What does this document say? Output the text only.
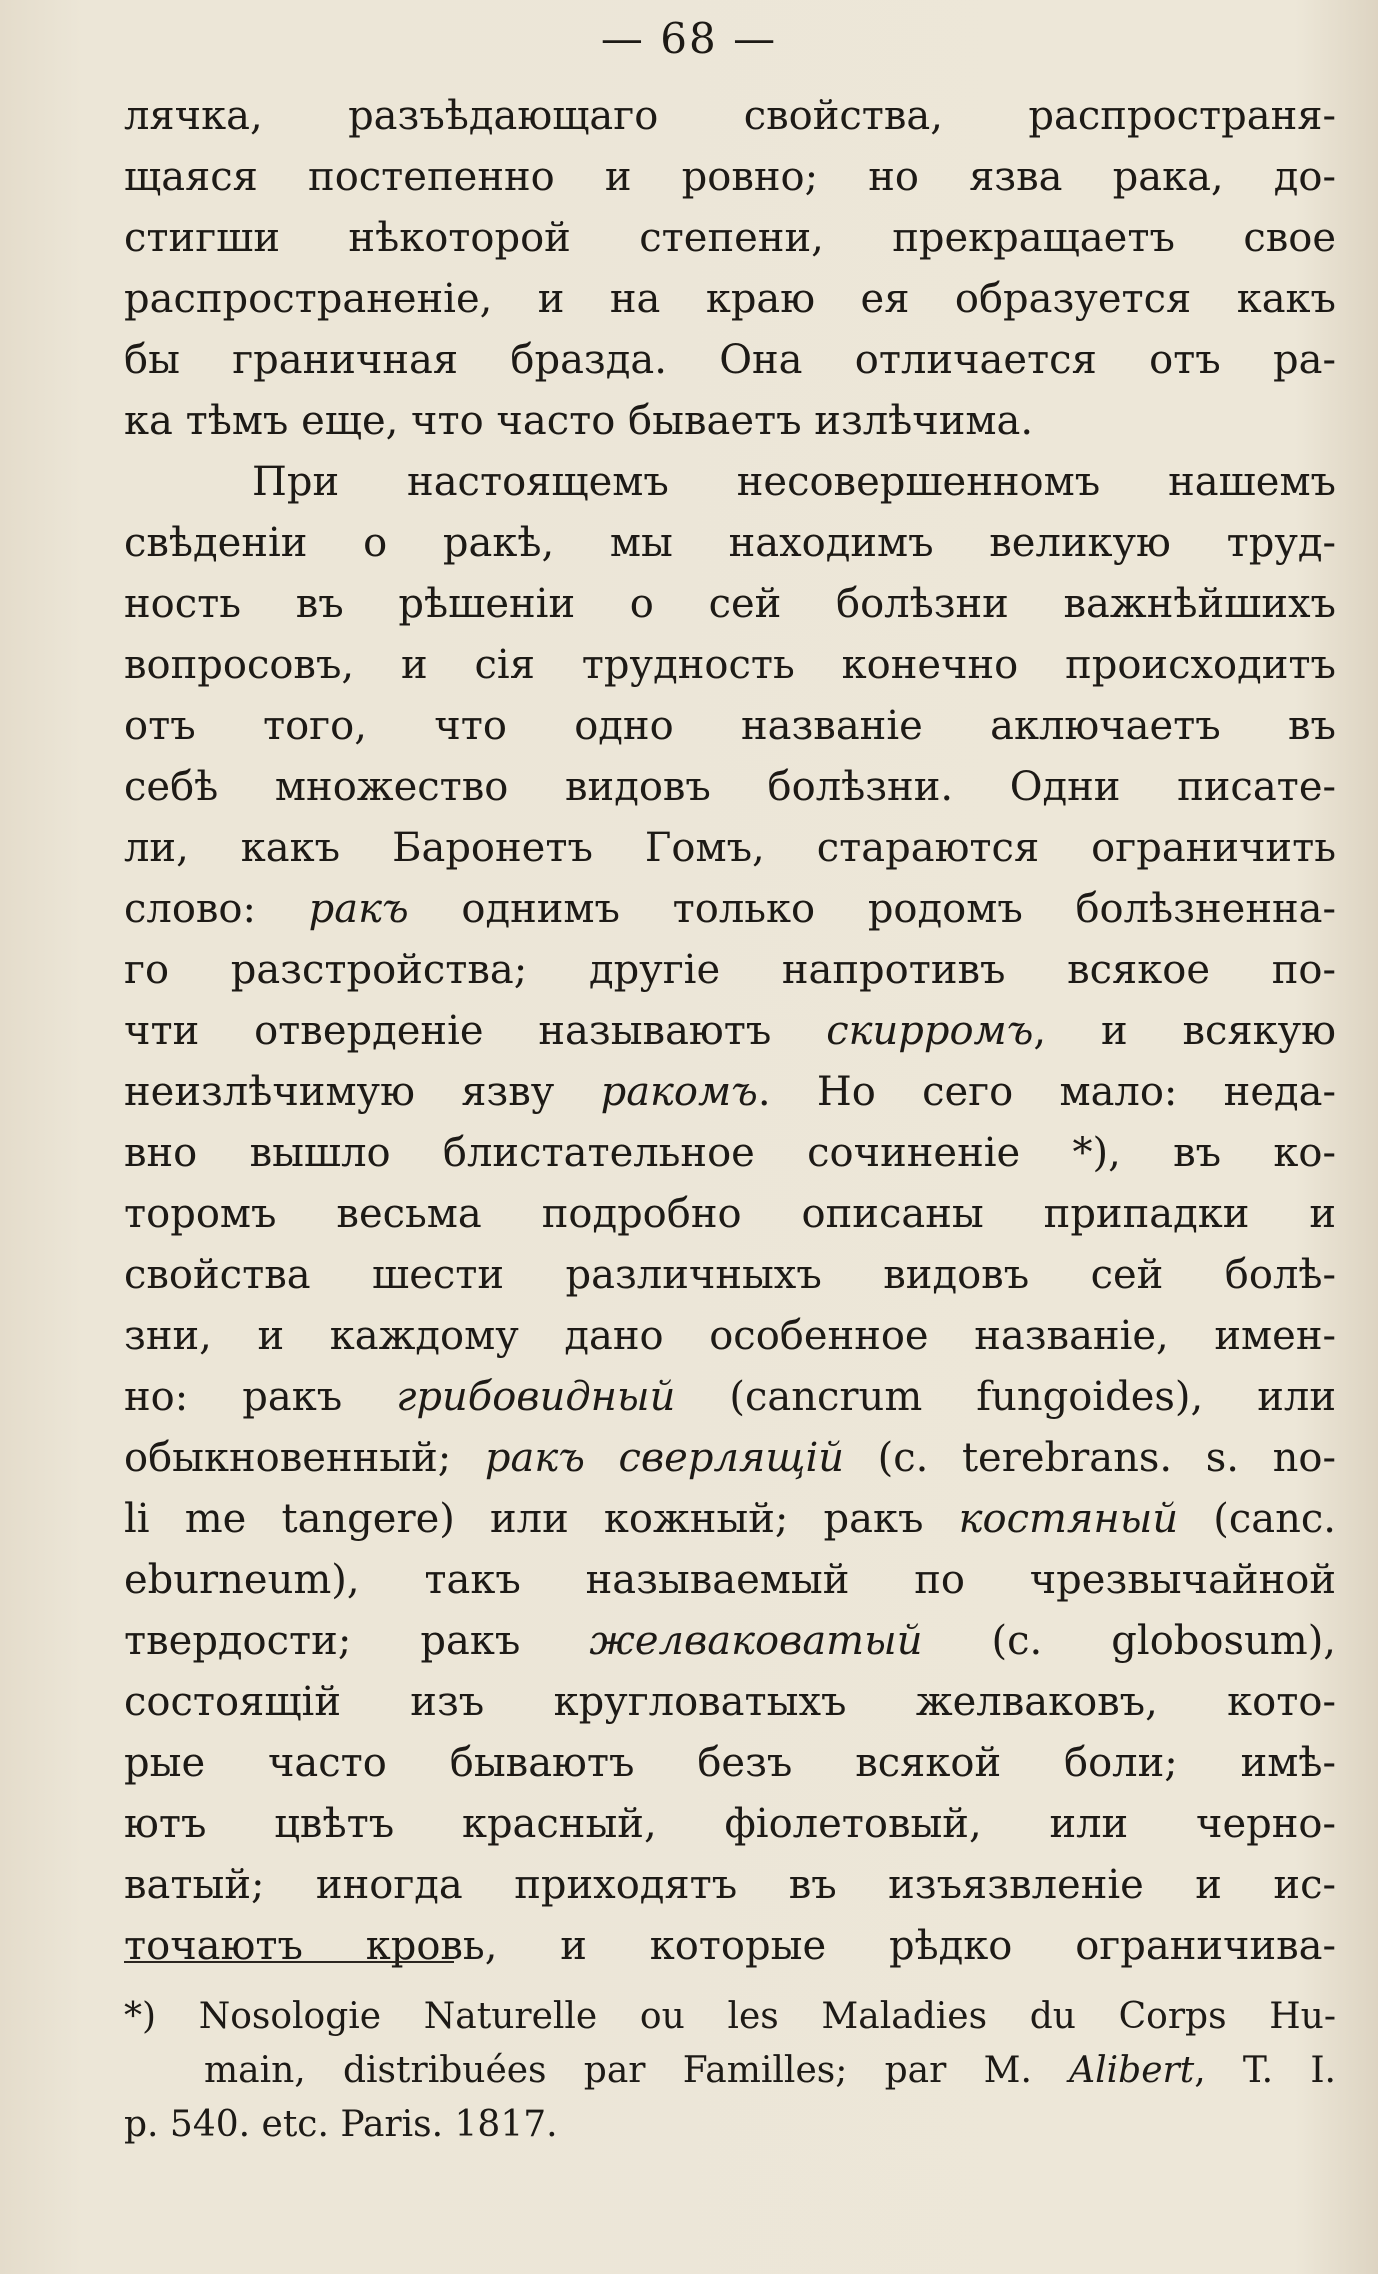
— 68 —
лячка, разъѣдающаго свойства, распространя-
щаяся постепенно и ровно; но язва рака, до-
стигши нѣкоторой степени, прекращаетъ свое
распространеніе, и на краю ея образуется какъ
бы граничная бразда. Она отличается отъ ра-
ка тѣмъ еще, что часто бываетъ излѣчима.
При настоящемъ несовершенномъ нашемъ
свѣденіи о ракѣ, мы находимъ великую труд-
ность въ рѣшеніи о сей болѣзни важнѣйшихъ
вопросовъ, и сія трудность конечно происходитъ
отъ того, что одно названіе аключаетъ въ
себѣ множество видовъ болѣзни. Одни писате-
ли, какъ Баронетъ Гомъ, стараются ограничить
слово: ракъ однимъ только родомъ болѣзненна-
го разстройства; другіе напротивъ всякое по-
чти отверденіе называютъ скирромъ, и всякую
неизлѣчимую язву ракомъ. Но сего мало: неда-
вно вышло блистательное сочиненіе *), въ ко-
торомъ весьма подробно описаны припадки и
свойства шести различныхъ видовъ сей болѣ-
зни, и каждому дано особенное названіе, имен-
но: ракъ грибовидный (cancrum fungoides), или
обыкновенный; ракъ сверлящій (c. terebrans. s. no-
li me tangere) или кожный; ракъ костяный (canc.
eburneum), такъ называемый по чрезвычайной
твердости; ракъ желваковатый (c. globosum),
состоящій изъ кругловатыхъ желваковъ, кото-
рые часто бываютъ безъ всякой боли; имѣ-
ютъ цвѣтъ красный, фіолетовый, или черно-
ватый; иногда приходятъ въ изъязвленіе и ис-
точаютъ кровь, и которые рѣдко ограничива-
*) Nosologie Naturelle ou les Maladies du Corps Hu-
main, distribuées par Familles; par M. Alibert, T. I.
p. 540. etc. Paris. 1817.
